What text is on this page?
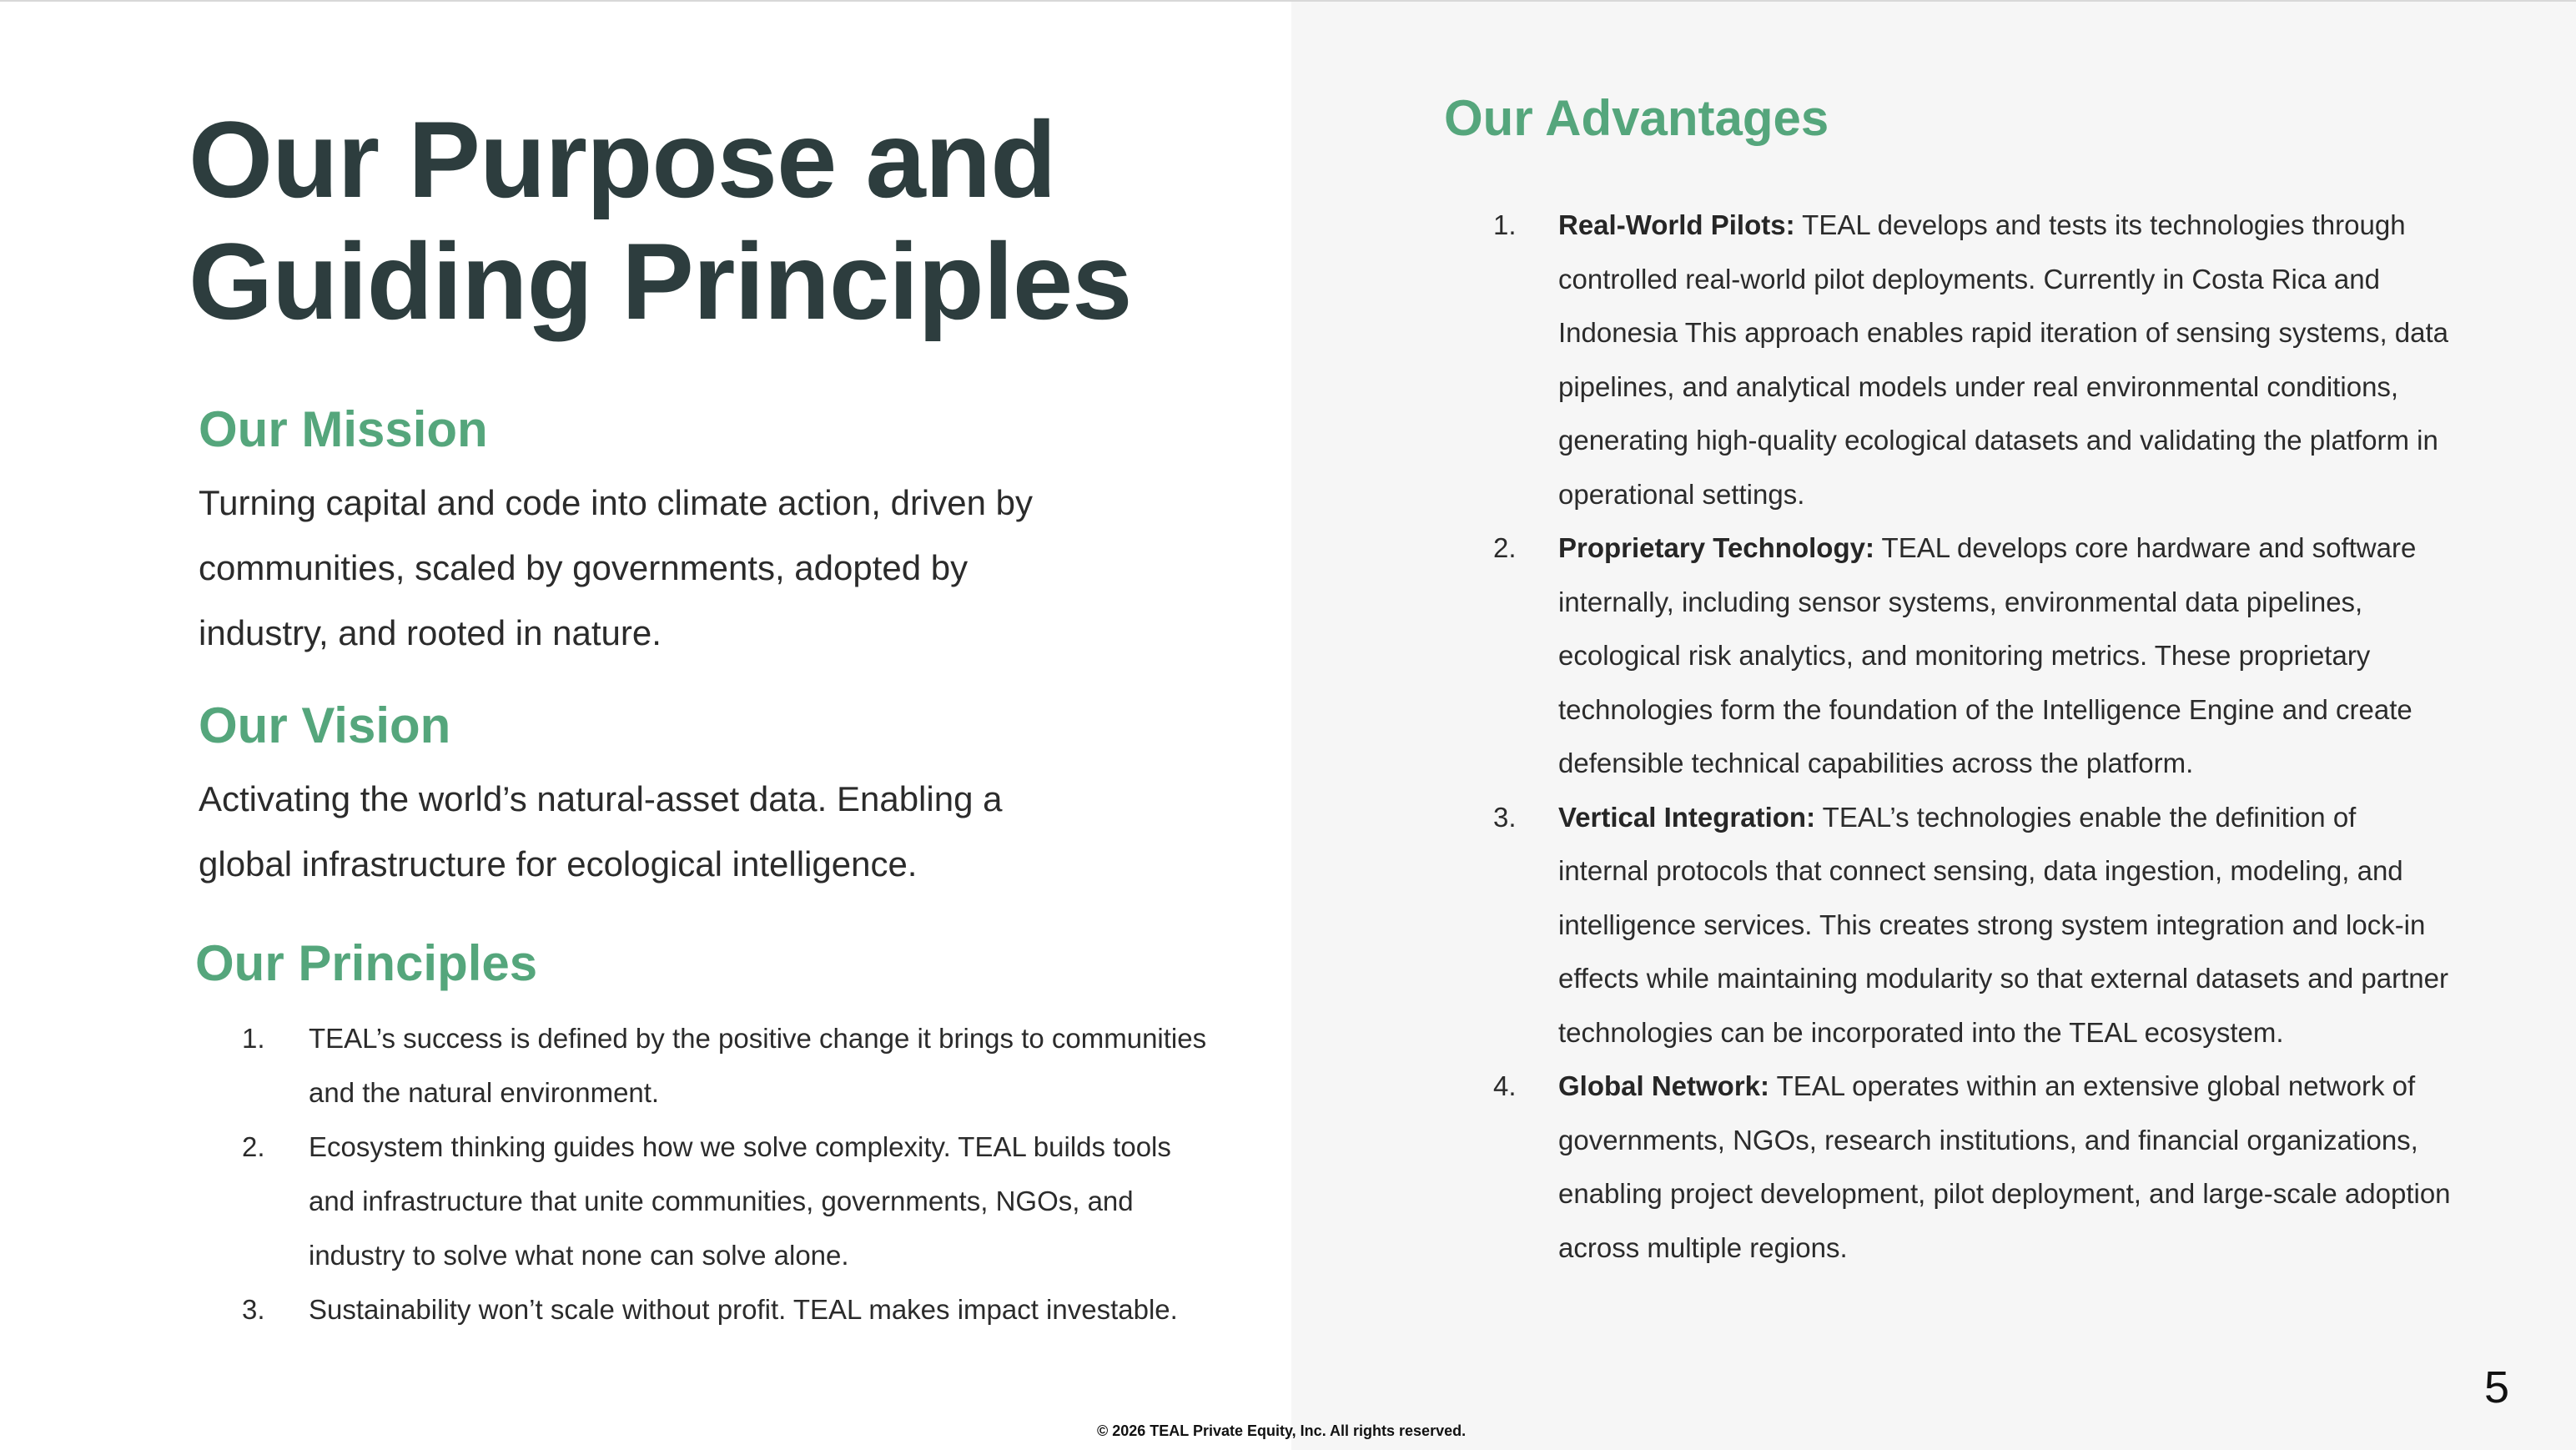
Our Purpose and Guiding Principles
Our Mission

Turning capital and code into climate action, driven by communities, scaled by governments, adopted by industry, and rooted in nature.

Our Vision

Activating the world’s natural-asset data. Enabling a global infrastructure for ecological intelligence.

Our Principles
1.	TEAL’s success is defined by the positive change it brings to communities and the natural environment.
2.	Ecosystem thinking guides how we solve complexity. TEAL builds tools and infrastructure that unite communities, governments, NGOs, and industry to solve what none can solve alone.
3.	Sustainability won’t scale without profit. TEAL makes impact investable.
Our Advantages
1.	Real-World Pilots: TEAL develops and tests its technologies through controlled real-world pilot deployments. Currently in Costa Rica and Indonesia This approach enables rapid iteration of sensing systems, data pipelines, and analytical models under real environmental conditions, generating high-quality ecological datasets and validating the platform in operational settings.
2.	Proprietary Technology: TEAL develops core hardware and software internally, including sensor systems, environmental data pipelines, ecological risk analytics, and monitoring metrics. These proprietary technologies form the foundation of the Intelligence Engine and create defensible technical capabilities across the platform.
3.	Vertical Integration: TEAL’s technologies enable the definition of internal protocols that connect sensing, data ingestion, modeling, and intelligence services. This creates strong system integration and lock-in effects while maintaining modularity so that external datasets and partner technologies can be incorporated into the TEAL ecosystem.
4.	Global Network: TEAL operates within an extensive global network of governments, NGOs, research institutions, and financial organizations, enabling project development, pilot deployment, and large-scale adoption across multiple regions.

© 2026 TEAL Private Equity, Inc. All rights reserved.

5
